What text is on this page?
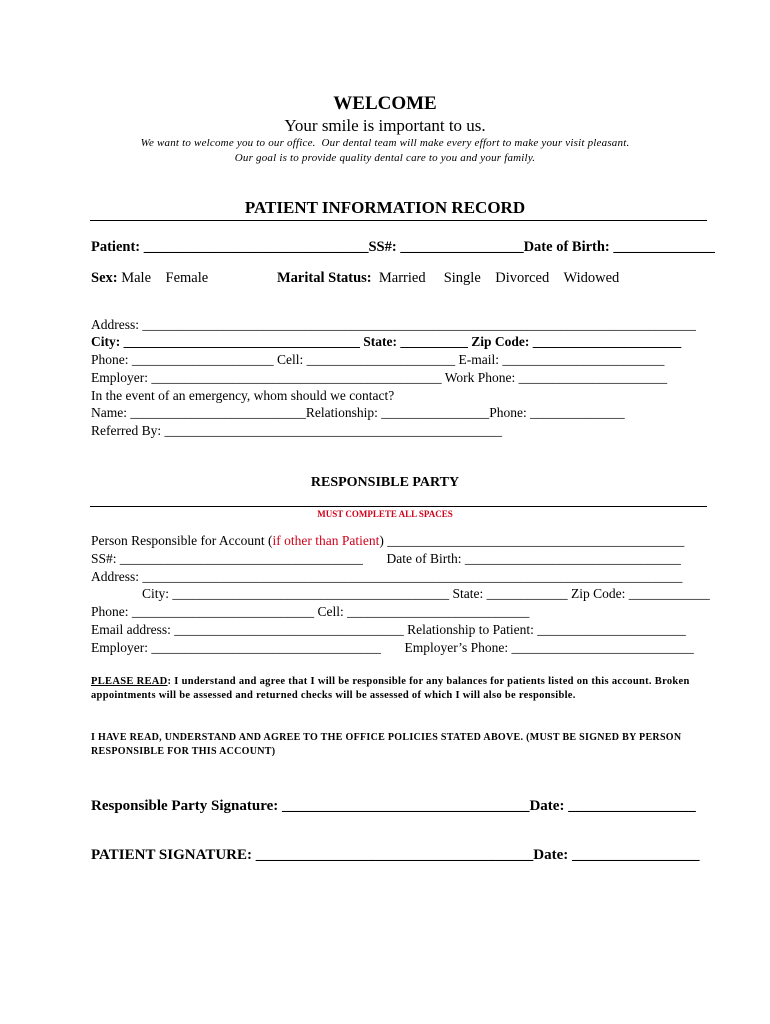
WELCOME
Your smile is important to us.
We want to welcome you to our office.  Our dental team will make every effort to make your visit pleasant.
Our goal is to provide quality dental care to you and your family.
PATIENT INFORMATION RECORD
Patient: _______________________________SS#: _________________Date of Birth: ______________
Sex: Male    Female	Marital Status: Married     Single    Divorced    Widowed
Address: __________________________________________________________________________________
City: ___________________________________ State: __________ Zip Code: ______________________
Phone: _____________________ Cell: ______________________ E-mail: ________________________
Employer: ___________________________________________ Work Phone: ______________________
In the event of an emergency, whom should we contact?
Name: __________________________Relationship: ________________Phone: ______________
Referred By: __________________________________________________
RESPONSIBLE PARTY
MUST COMPLETE ALL SPACES
Person Responsible for Account (if other than Patient) ____________________________________________
SS#: ____________________________________       Date of Birth: ________________________________
Address: ________________________________________________________________________________
City: _________________________________________ State: ____________ Zip Code: ____________
Phone: ___________________________ Cell: ___________________________
Email address: __________________________________ Relationship to Patient: ______________________
Employer: __________________________________       Employer’s Phone: ___________________________
PLEASE READ: I understand and agree that I will be responsible for any balances for patients listed on this account. Broken appointments will be assessed and returned checks will be assessed of which I will also be responsible.
I HAVE READ, UNDERSTAND AND AGREE TO THE OFFICE POLICIES STATED ABOVE. (MUST BE SIGNED BY PERSON RESPONSIBLE FOR THIS ACCOUNT)
Responsible Party Signature: _________________________________Date: _________________
PATIENT SIGNATURE: _____________________________________Date: _________________
